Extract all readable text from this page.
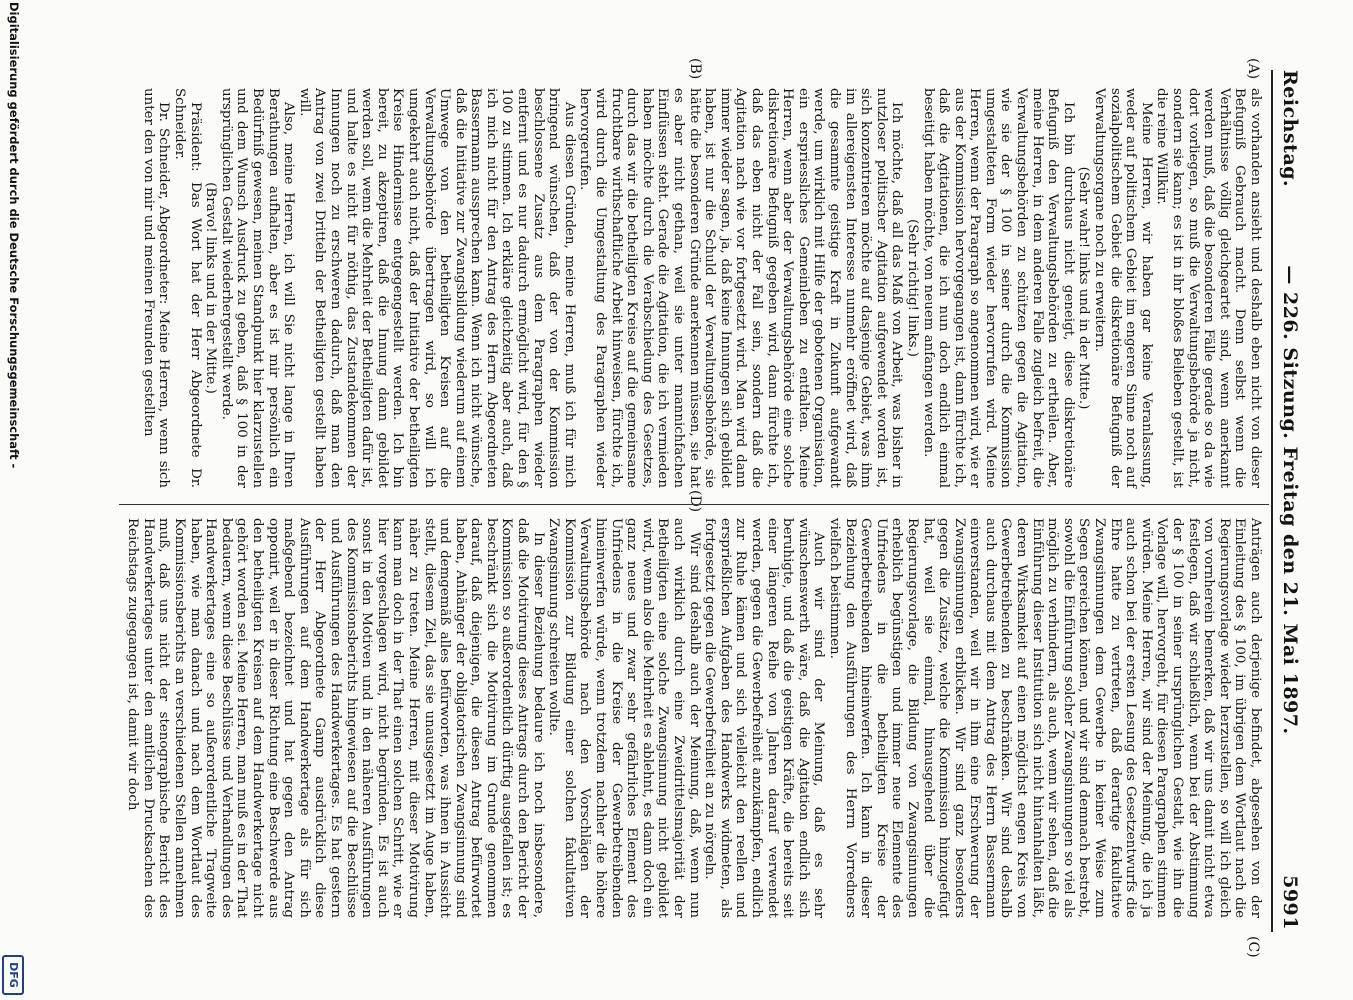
Reichstag.
— 226. Sitzung. Freitag den 21. Mai 1897.
5991
(A)
(B)
(C)
(D)

als vorhanden ansieht und deshalb eben nicht von dieser Befugniß Gebrauch macht. Denn selbst wenn die Verhältnisse völlig gleichgeartet sind, wenn anerkannt werden muß, daß die besonderen Fälle gerade so da wie dort vorliegen, so muß die Verwaltungsbehörde ja nicht, sondern sie kann; es ist in ihr bloßes Belieben gestellt, ist die reine Willkür.

Meine Herren, wir haben gar keine Veranlassung, weder auf politischem Gebiet im engeren Sinne noch auf sozialpolitischem Gebiet die diskretionäre Befugniß der Verwaltungsorgane noch zu erweitern.

(Sehr wahr! links und in der Mitte.)

Ich bin durchaus nicht geneigt, diese diskretionäre Befugniß den Verwaltungsbehörden zu ertheilen. Aber, meine Herren, in dem anderen Falle zugleich befreit, die Verwaltungsbehörden zu schützen gegen die Agitation, wie sie der § 100 in seiner durch die Kommission umgestalteten Form wieder hervorrufen wird. Meine Herren, wenn der Paragraph so angenommen wird, wie er aus der Kommission hervorgegangen ist, dann fürchte ich, daß die Agitationen, die ich nun doch endlich einmal beseitigt haben möchte, von neuem anfangen werden.

(Sehr richtig! links.)

Ich möchte, daß all das Maß von Arbeit, was bisher in nutzloser politischer Agitation aufgewendet worden ist, sich konzentrieren möchte auf dasjenige Gebiet, was ihm im allereigensten Interesse nunmehr eröffnet wird, daß die gesammte geistige Kraft in Zukunft aufgewandt werde, um wirklich mit Hilfe der gebotenen Organisation, ein erspriessliches Gemeinleben zu entfalten. Meine Herren, wenn aber der Verwaltungsbehörde eine solche diskretionäre Befugniß gegeben wird, dann fürchte ich, daß das eben nicht der Fall sein, sondern daß die Agitation nach wie vor fortgesetzt wird. Man wird dann immer wieder sagen, ja, daß keine Innungen sich gebildet haben, ist nur die Schuld der Verwaltungsbehörde, sie hätte die besonderen Gründe anerkennen müssen, sie hat es aber nicht gethan, weil sie unter mannichfachen Einflüssen steht. Gerade die Agitation, die ich vermieden haben möchte durch die Verabschiedung des Gesetzes, durch das wir die betheiligten Kreise auf die gemeinsame fruchtbare wirthschaftliche Arbeit hinweisen, fürchte ich, wird durch die Umgestaltung des Paragraphen wieder hervorgerufen.

Aus diesen Gründen, meine Herren, muß ich für mich bringend wünschen, daß der von der Kommission beschlossene Zusatz aus dem Paragraphen wieder entfernt und es nur dadurch ermöglicht wird, für den § 100 zu stimmen. Ich erkläre gleichzeitig aber auch, daß ich mich nicht für den Antrag des Herrn Abgeordneten Bassermann aussprechen kann. Wenn ich nicht wünsche, daß die Initiative zur Zwangsbildung wiederum auf einem Umwege von den betheiligten Kreisen auf die Verwaltungsbehörde übertragen wird, so will ich umgekehrt auch nicht, daß der Initiative der betheiligten Kreise Hindernisse entgegengestellt werden. Ich bin bereit, zu akzeptiren, daß die Innung dann gebildet werden soll, wenn die Mehrheit der Betheiligten dafür ist, und halte es nicht für nöthig, das Zustandekommen der Innungen noch zu erschweren dadurch, daß man den Antrag von zwei Dritteln der Betheiligten gestellt haben will.

Also, meine Herren, ich will Sie nicht lange in Ihren Berathungen aufhalten, aber es ist mir persönlich ein Bedürfniß gewesen, meinen Standpunkt hier klarzustellen und dem Wunsch Ausdruck zu geben, daß § 100 in der ursprünglichen Gestalt wiederhergestellt werde.

(Bravo! links und in der Mitte.)

Präsident: Das Wort hat der Herr Abgeordnete Dr. Schneider.

Dr. Schneider, Abgeordneter: Meine Herren, wenn sich unter den von mir und meinen Freunden gestellten

Anträgen auch derjenige befindet, abgesehen von der Einleitung des § 100, im übrigen dem Wortlaut nach die Regierungsvorlage wieder herzustellen, so will ich gleich von vornherein bemerken, daß wir uns damit nicht etwa festlegen, daß wir schließlich, wenn bei der Abstimmung der § 100 in seiner ursprünglichen Gestalt, wie ihn die Vorlage will, hervorgeht, für diesen Paragraphen stimmen würden. Meine Herren, wir sind der Meinung, die ich ja auch schon bei der ersten Lesung des Gesetzentwurfs die Ehre hatte zu vertreten, daß derartige fakultative Zwangsinnungen dem Gewerbe in keiner Weise zum Segen gereichen können, und wir sind demnach bestrebt, sowohl die Einführung solcher Zwangsinnungen so viel als möglich zu verhindern, als auch, wenn wir sehen, daß die Einführung dieser Institution sich nicht hintanhalten läßt, deren Wirksamkeit auf einen möglichst engen Kreis von Gewerbetreibenden zu beschränken. Wir sind deshalb auch durchaus mit dem Antrag des Herrn Bassermann einverstanden, weil wir in ihm eine Erschwerung der Zwangsinnungen erblicken. Wir sind ganz besonders gegen die Zusätze, welche die Kommission hinzugefügt hat, weil sie einmal, hinausgehend über die Regierungsvorlage, die Bildung von Zwangsinnungen erheblich begünstigen und immer neue Elemente des Unfriedens in die betheiligten Kreise der Gewerbetreibenden hineinwerfen. Ich kann in dieser Beziehung den Ausführungen des Herrn Vorredners vielfach beistimmen.

Auch wir sind der Meinung, daß es sehr wünschenswerth wäre, daß die Agitation endlich sich beruhigte, und daß die geistigen Kräfte, die bereits seit einer längeren Reihe von Jahren darauf verwendet werden, gegen die Gewerbefreiheit anzukämpfen, endlich zur Ruhe kämen und sich vielleicht den reellen und ersprießlichen Aufgaben des Handwerks widmeten, als fortgesetzt gegen die Gewerbefreiheit an zu nörgeln.

Wir sind deshalb auch der Meinung, daß, wenn nun auch wirklich durch eine Zweidrittelsmajorität der Betheiligten eine solche Zwangsinnung nicht gebildet wird, wenn also die Mehrheit es ablehnt, es dann doch ein ganz neues und zwar sehr gefährliches Element des Unfriedens in die Kreise der Gewerbetreibenden hineinwerfen würde, wenn trotzdem nachher die höhere Verwaltungsbehörde nach den Vorschlägen der Kommission zur Bildung einer solchen fakultativen Zwangsinnung schreiten wollte.

In dieser Beziehung bedaure ich noch insbesondere, daß die Motivirung dieses Antrags durch den Bericht der Kommission so außerordentlich dürftig ausgefallen ist; es beschränkt sich die Motivirung im Grunde genommen darauf, daß diejenigen, die diesen Antrag befürwortet haben, Anhänger der obligatorischen Zwangsinnung sind und demgemäß alles befürworten, was ihnen in Aussicht stellt, diesem Ziel, das sie unausgesetzt im Auge haben, näher zu treten. Meine Herren, mit dieser Motivirung kann man doch in der That einen solchen Schritt, wie er hier vorgeschlagen wird, nicht begründen. Es ist auch sonst in den Motiven und in den näheren Ausführungen des Kommissionsberichts hingewiesen auf die Beschlüsse und Ausführungen des Handwerkertages. Es hat gestern der Herr Abgeordnete Gamp ausdrücklich diese Ausführungen auf dem Handwerkertage als für sich maßgebend bezeichnet und hat gegen den Antrag opponirt, weil er in dieser Richtung eine Beschwerde aus den betheiligten Kreisen auf dem Handwerkertage nicht gehört worden sei. Meine Herren, man muß es in der That bedauern, wenn diese Beschlüsse und Verhandlungen des Handwerkertages eine so außerordentliche Tragweite haben, wie man danach und nach dem Wortlaut des Kommissionsberichts an verschiedenen Stellen annehmen muß, daß uns nicht der stenographische Bericht des Handwerkertages unter den amtlichen Drucksachen des Reichstags zugegangen ist, damit wir doch

Digitalisierung gefördert durch die Deutsche Forschungsgemeinschaft -
DFG
